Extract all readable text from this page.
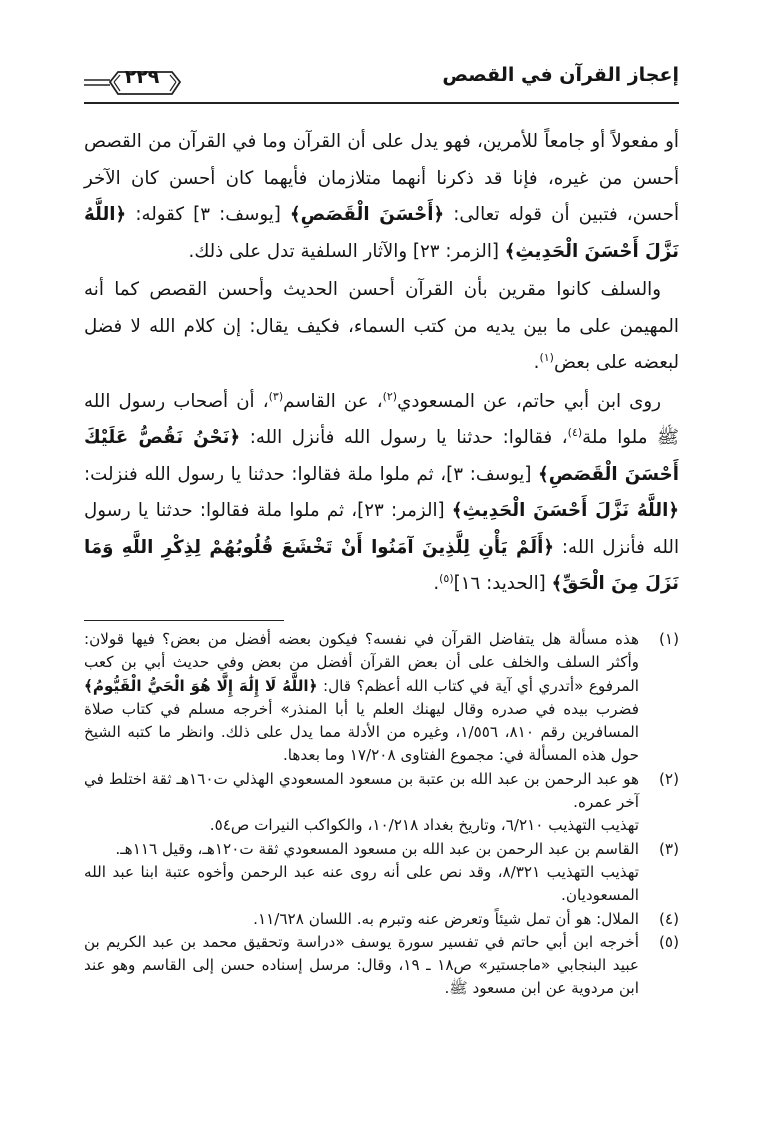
إعجاز القرآن في القصص
٢٢٩

أو مفعولاً أو جامعاً للأمرين، فهو يدل على أن القرآن وما في القرآن من القصص أحسن من غيره، فإنا قد ذكرنا أنهما متلازمان فأيهما كان أحسن كان الآخر أحسن، فتبين أن قوله تعالى: ﴿أَحْسَنَ الْقَصَصِ﴾ [يوسف: ٣] كقوله: ﴿اللَّهُ نَزَّلَ أَحْسَنَ الْحَدِيثِ﴾ [الزمر: ٢٣] والآثار السلفية تدل على ذلك.

والسلف كانوا مقرين بأن القرآن أحسن الحديث وأحسن القصص كما أنه المهيمن على ما بين يديه من كتب السماء، فكيف يقال: إن كلام الله لا فضل لبعضه على بعض$^{(١)}$.

روى ابن أبي حاتم، عن المسعودي$^{(٢)}$، عن القاسم$^{(٣)}$، أن أصحاب رسول الله ﷺ ملوا ملة$^{(٤)}$، فقالوا: حدثنا يا رسول الله فأنزل الله: ﴿نَحْنُ نَقُصُّ عَلَيْكَ أَحْسَنَ الْقَصَصِ﴾ [يوسف: ٣]، ثم ملوا ملة فقالوا: حدثنا يا رسول الله فنزلت: ﴿اللَّهُ نَزَّلَ أَحْسَنَ الْحَدِيثِ﴾ [الزمر: ٢٣]، ثم ملوا ملة فقالوا: حدثنا يا رسول الله فأنزل الله: ﴿أَلَمْ يَأْنِ لِلَّذِينَ آمَنُوا أَنْ تَخْشَعَ قُلُوبُهُمْ لِذِكْرِ اللَّهِ وَمَا نَزَلَ مِنَ الْحَقِّ﴾ [الحديد: ١٦]$^{(٥)}$.

(١)
هذه مسألة هل يتفاضل القرآن في نفسه؟ فيكون بعضه أفضل من بعض؟ فيها قولان: وأكثر السلف والخلف على أن بعض القرآن أفضل من بعض وفي حديث أبي بن كعب المرفوع «أتدري أي آية في كتاب الله أعظم؟ قال: ﴿اللَّهُ لَا إِلَٰهَ إِلَّا هُوَ الْحَيُّ الْقَيُّومُ﴾ فضرب بيده في صدره وقال ليهنك العلم يا أبا المنذر» أخرجه مسلم في كتاب صلاة المسافرين رقم ٨١٠، ١/٥٥٦، وغيره من الأدلة مما يدل على ذلك. وانظر ما كتبه الشيخ حول هذه المسألة في: مجموع الفتاوى ١٧/٢٠٨ وما بعدها.
(٢)
هو عبد الرحمن بن عبد الله بن عتبة بن مسعود المسعودي الهذلي ت١٦٠هـ ثقة اختلط في آخر عمره.
تهذيب التهذيب ٦/٢١٠، وتاريخ بغداد ١٠/٢١٨، والكواكب النيرات ص٥٤.
(٣)
القاسم بن عبد الرحمن بن عبد الله بن مسعود المسعودي ثقة ت١٢٠هـ، وقيل ١١٦هـ.
تهذيب التهذيب ٨/٣٢١، وقد نص على أنه روى عنه عبد الرحمن وأخوه عتبة ابنا عبد الله المسعوديان.
(٤)
الملال: هو أن تمل شيئاً وتعرض عنه وتبرم به. اللسان ١١/٦٢٨.
(٥)
أخرجه ابن أبي حاتم في تفسير سورة يوسف «دراسة وتحقيق محمد بن عبد الكريم بن عبيد البنجابي «ماجستير» ص١٨ ـ ١٩، وقال: مرسل إسناده حسن إلى القاسم وهو عند ابن مردوية عن ابن مسعود ﷺ.
